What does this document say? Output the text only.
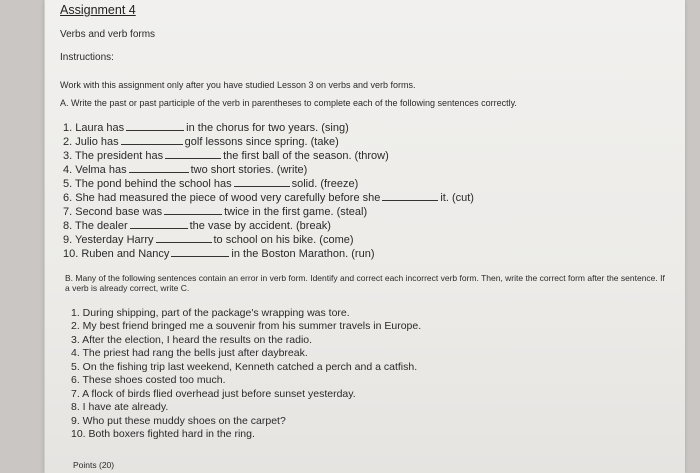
Assignment 4
Verbs and verb forms
Instructions:
Work with this assignment only after you have studied Lesson 3 on verbs and verb forms.
A. Write the past or past participle of the verb in parentheses to complete each of the following sentences correctly.
1. Laura has	in the chorus for two years. (sing)
2. Julio has	golf lessons since spring. (take)
3. The president has	the first ball of the season. (throw)
4. Velma has	two short stories. (write)
5. The pond behind the school has	solid. (freeze)
6. She had measured the piece of wood very carefully before she	it. (cut)
7. Second base was	twice in the first game. (steal)
8. The dealer	the vase by accident. (break)
9. Yesterday Harry	to school on his bike. (come)
10. Ruben and Nancy	in the Boston Marathon. (run)
B. Many of the following sentences contain an error in verb form. Identify and correct each incorrect verb form. Then, write the correct form after the sentence. If a verb is already correct, write C.
1. During shipping, part of the package's wrapping was tore.
2. My best friend bringed me a souvenir from his summer travels in Europe.
3. After the election, I heard the results on the radio.
4. The priest had rang the bells just after daybreak.
5. On the fishing trip last weekend, Kenneth catched a perch and a catfish.
6. These shoes costed too much.
7. A flock of birds flied overhead just before sunset yesterday.
8. I have ate already.
9. Who put these muddy shoes on the carpet?
10. Both boxers fighted hard in the ring.
Points (20)
